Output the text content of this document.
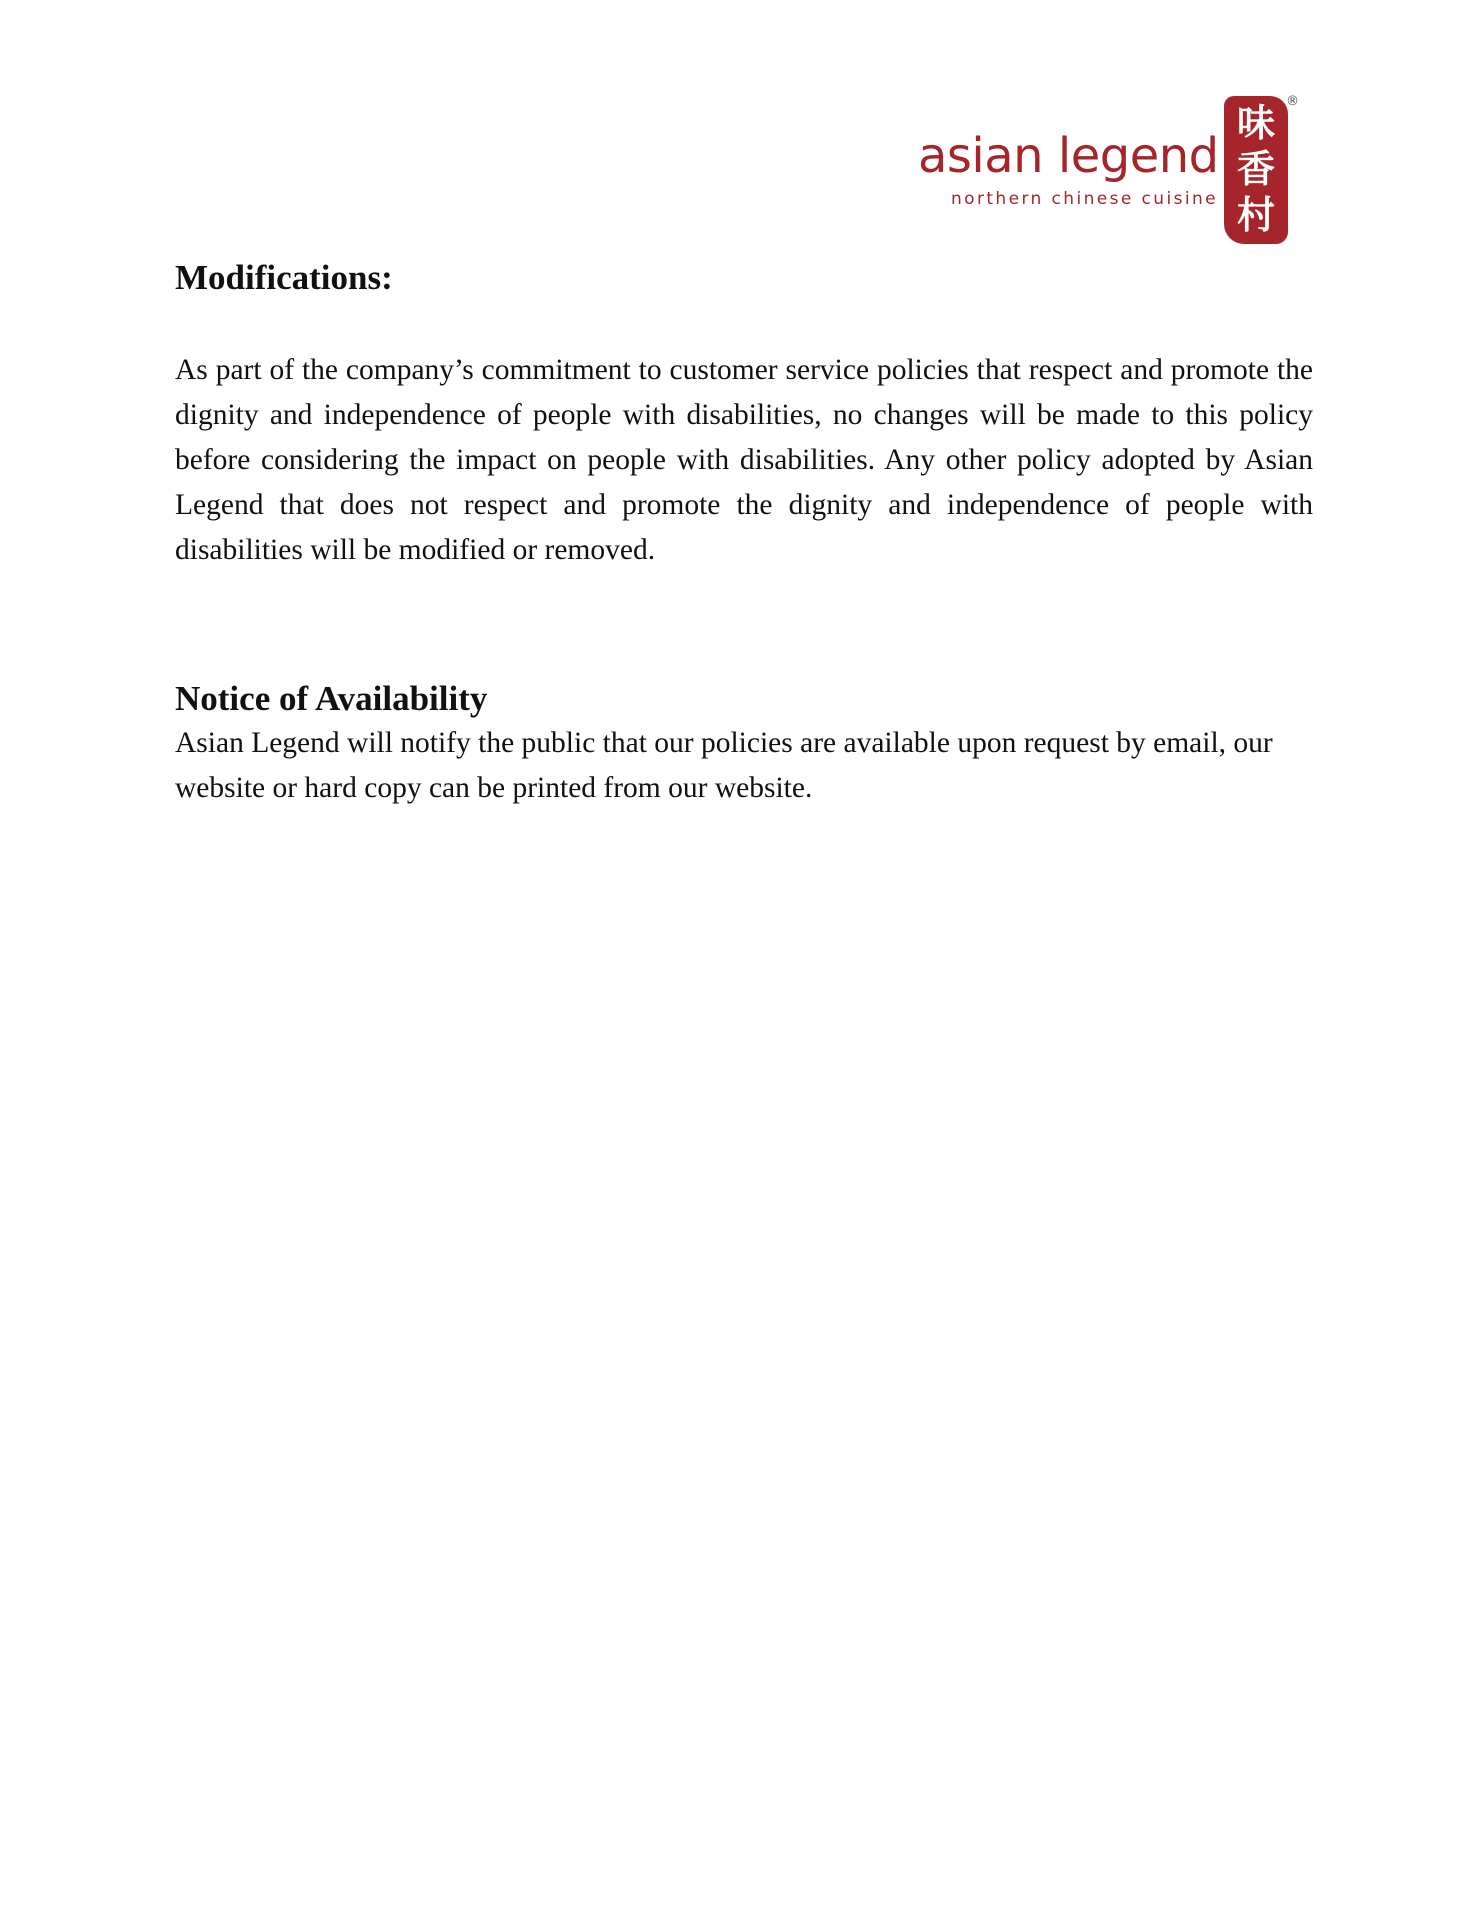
asian legend
northern chinese cuisine
味
香
村
®
Modifications:

As part of the company’s commitment to customer service policies that respect and promote the dignity and independence of people with disabilities, no changes will be made to this policy before considering the impact on people with disabilities. Any other policy adopted by Asian Legend that does not respect and promote the dignity and independence of people with disabilities will be modified or removed.

Notice of Availability

Asian Legend will notify the public that our policies are available upon request by email, our website or hard copy can be printed from our website.
